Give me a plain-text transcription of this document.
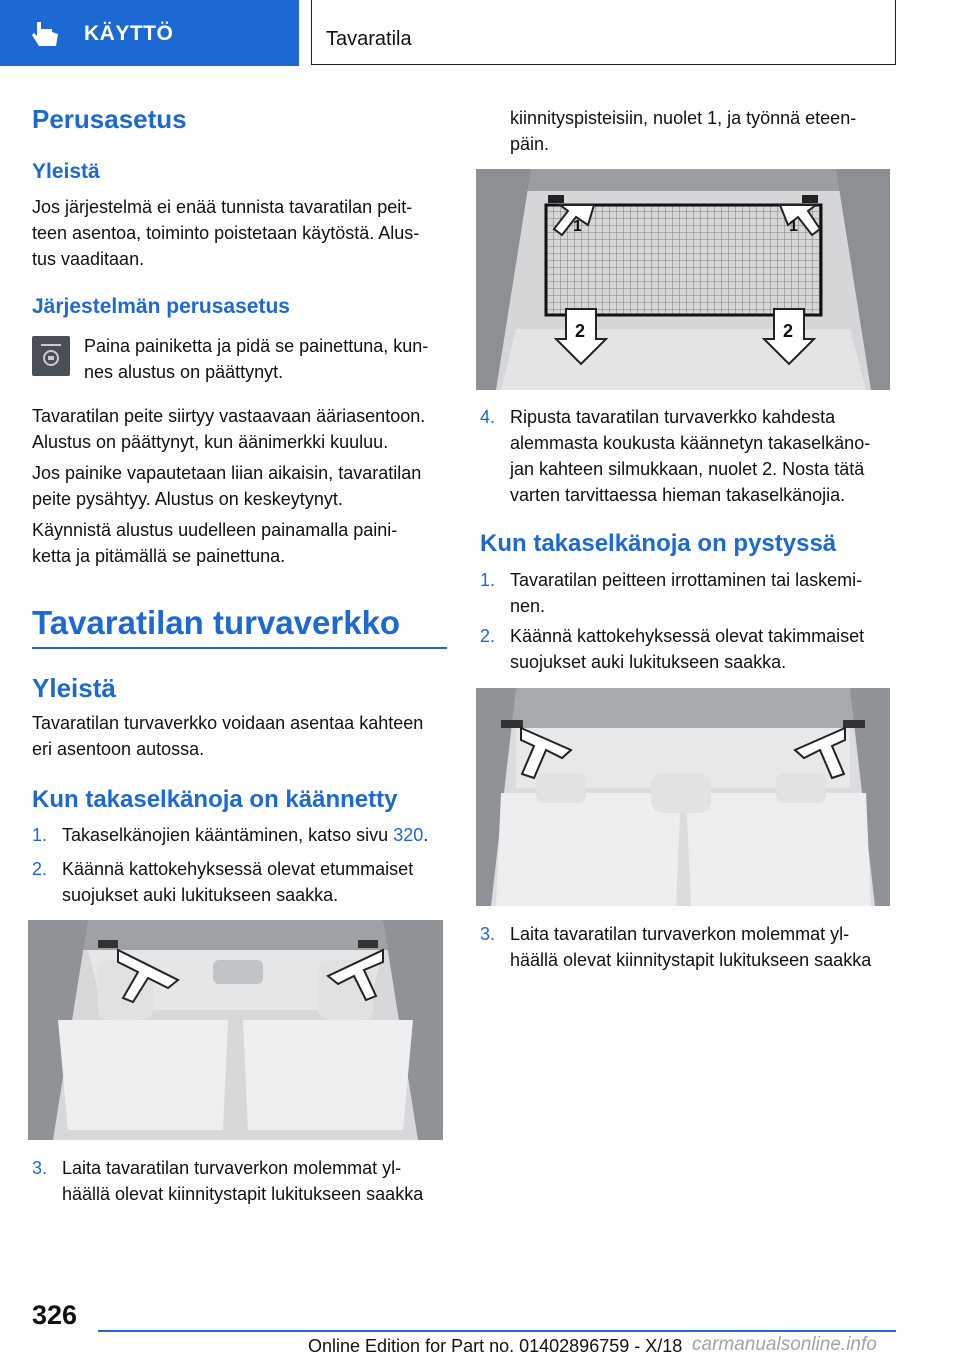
KÄYTTÖ	Tavaratila
Perusasetus
Yleistä
Jos järjestelmä ei enää tunnista tavaratilan peit-
teen asentoa, toiminto poistetaan käytöstä. Alus-
tus vaaditaan.
Järjestelmän perusasetus
Paina painiketta ja pidä se painettuna, kun-
nes alustus on päättynyt.
Tavaratilan peite siirtyy vastaavaan ääriasentoon.
Alustus on päättynyt, kun äänimerkki kuuluu.
Jos painike vapautetaan liian aikaisin, tavaratilan
peite pysähtyy. Alustus on keskeytynyt.
Käynnistä alustus uudelleen painamalla paini-
ketta ja pitämällä se painettuna.
Tavaratilan turvaverkko
Yleistä
Tavaratilan turvaverkko voidaan asentaa kahteen
eri asentoon autossa.
Kun takaselkänoja on käännetty
1. Takaselkänojien kääntäminen, katso sivu 320.
2. Käännä kattokehyksessä olevat etummaiset
suojukset auki lukitukseen saakka.
3. Laita tavaratilan turvaverkon molemmat yl-
häällä olevat kiinnitystapit lukitukseen saakka
kiinnityspisteisiin, nuolet 1, ja työnnä eteen-
päin.
1	1
2	2
4. Ripusta tavaratilan turvaverkko kahdesta
alemmasta koukusta käännetyn takaselkäno-
jan kahteen silmukkaan, nuolet 2. Nosta tätä
varten tarvittaessa hieman takaselkänojia.
Kun takaselkänoja on pystyssä
1. Tavaratilan peitteen irrottaminen tai laskemi-
nen.
2. Käännä kattokehyksessä olevat takimmaiset
suojukset auki lukitukseen saakka.
3. Laita tavaratilan turvaverkon molemmat yl-
häällä olevat kiinnitystapit lukitukseen saakka
326
Online Edition for Part no. 01402896759 - X/18 carmanualsonline.info
